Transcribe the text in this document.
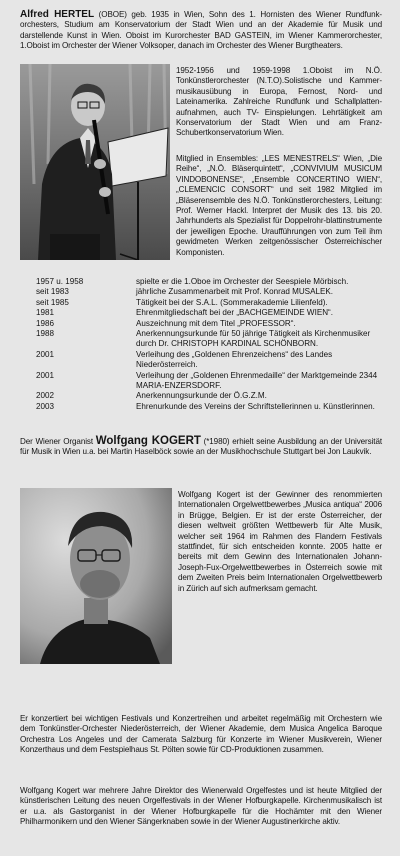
Alfred HERTEL (OBOE) geb. 1935 in Wien, Sohn des 1. Hornisten des Wiener Rundfunk-orchesters, Studium am Konservatorium der Stadt Wien und an der Akademie für Musik und darstellende Kunst in Wien. Oboist im Kurorchester BAD GASTEIN, im Wiener Kammerorchester, 1.Oboist im Orchester der Wiener Volksoper, danach im Orchester des Wiener Burgtheaters.
1952-1956 und 1959-1998 1.Oboist im N.Ö. Tonkünstlerorchester (N.T.O).Solistische und Kammer-musikausübung in Europa, Fernost, Nord- und Lateinamerika. Zahlreiche Rundfunk und Schallplatten-aufnahmen, auch TV- Einspielungen. Lehrtätigkeit am Konservatorium der Stadt Wien und am Franz-Schubertkonservatorium Wien.
Mitglied in Ensembles: „LES MENESTRELS“ Wien, „Die Reihe“, „N.Ö. Bläserquintett“, „CONVIVIUM MUSICUM VINDOBONENSE“, „Ensemble CONCERTINO WIEN“, „CLEMENCIC CONSORT“ und seit 1982 Mitglied im „Bläserensemble des N.Ö. Tonkünstlerorchesters, Leitung: Prof. Werner Hackl. Interpret der Musik des 13. bis 20. Jahrhunderts als Spezialist für Doppelrohr-blattinstrumente der jeweiligen Epoche. Uraufführungen von zum Teil ihm gewidmeten Werken zeitgenössischer Österreichischer Komponisten.
1957 u. 1958	spielte er die 1.Oboe im Orchester der Seespiele Mörbisch.
seit 1983	jährliche Zusammenarbeit mit Prof. Konrad MUSALEK.
seit 1985	Tätigkeit bei der S.A.L. (Sommerakademie Lilienfeld).
1981	Ehrenmitgliedschaft bei der „BACHGEMEINDE WIEN“.
1986	Auszeichnung mit dem Titel „PROFESSOR“.
1988	Anerkennungsurkunde für 50 jährige Tätigkeit als Kirchenmusiker durch Dr. CHRISTOPH KARDINAL SCHÖNBORN.
2001	Verleihung des „Goldenen Ehrenzeichens“ des Landes Niederösterreich.
2001	Verleihung der „Goldenen Ehrenmedaille“ der Marktgemeinde 2344 MARIA-ENZERSDORF.
2002	Anerkennungsurkunde der Ö.G.Z.M.
2003	Ehrenurkunde des Vereins der Schriftstellerinnen u. Künstlerinnen.
Der Wiener Organist Wolfgang KOGERT (*1980) erhielt seine Ausbildung an der Universität für Musik in Wien u.a. bei Martin Haselböck sowie an der Musikhochschule Stuttgart bei Jon Laukvik.
Wolfgang Kogert ist der Gewinner des renommierten Internationalen Orgelwettbewerbes „Musica antiqua“ 2006 in Brügge, Belgien. Er ist der erste Österreicher, der diesen weltweit größten Wettbewerb für Alte Musik, welcher seit 1964 im Rahmen des Flandern Festivals stattfindet, für sich entscheiden konnte. 2005 hatte er bereits mit dem Gewinn des Internationalen Johann-Joseph-Fux-Orgelwettbewerbes in Österreich sowie mit dem Zweiten Preis beim Internationalen Orgelwettbewerb in Zürich auf sich aufmerksam gemacht.
Er konzertiert bei wichtigen Festivals und Konzertreihen und arbeitet regelmäßig mit Orchestern wie dem Tonkünstler-Orchester Niederösterreich, der Wiener Akademie, dem Musica Angelica Baroque Orchestra Los Angeles und der Camerata Salzburg für Konzerte im Wiener Musikverein, Wiener Konzerthaus und dem Festspielhaus St. Pölten sowie für CD-Produktionen zusammen.
Wolfgang Kogert war mehrere Jahre Direktor des Wienerwald Orgelfestes und ist heute Mitglied der künstlerischen Leitung des neuen Orgelfestivals in der Wiener Hofburgkapelle. Kirchenmusikalisch ist er u.a. als Gastorganist in der Wiener Hofburgkapelle für die Hochämter mit den Wiener Philharmonikern und den Wiener Sängerknaben sowie in der Wiener Augustinerkirche aktiv.
